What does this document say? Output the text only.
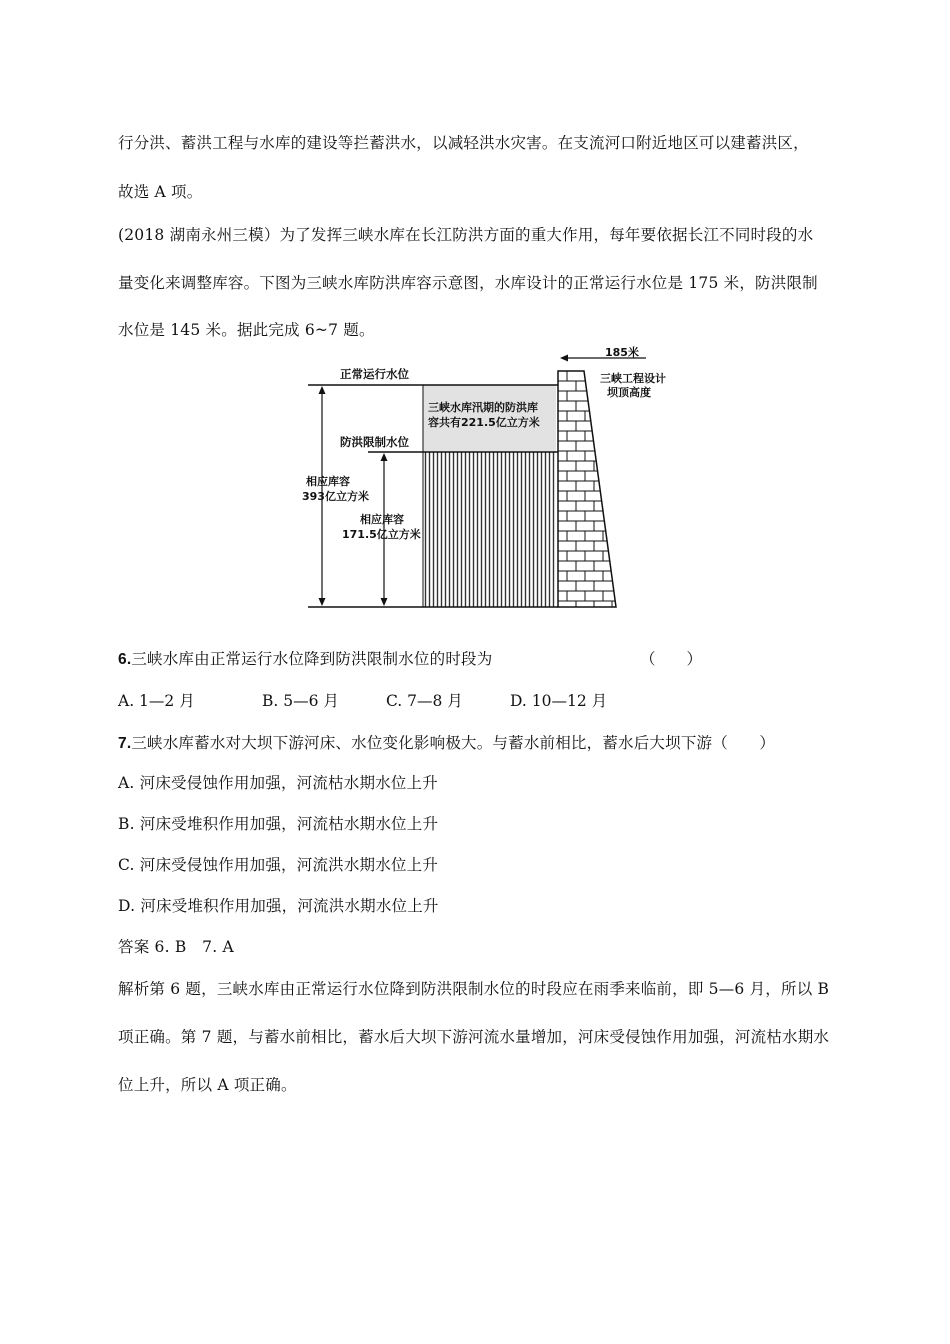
行分洪、蓄洪工程与水库的建设等拦蓄洪水，以减轻洪水灾害。在支流河口附近地区可以建蓄洪区，
故选 A 项。
(2018 湖南永州三模）为了发挥三峡水库在长江防洪方面的重大作用，每年要依据长江不同时段的水
量变化来调整库容。下图为三峡水库防洪库容示意图，水库设计的正常运行水位是 175 米，防洪限制
水位是 145 米。据此完成 6~7 题。
185米
三峡工程设计
坝顶高度
正常运行水位
防洪限制水位
三峡水库汛期的防洪库
容共有221.5亿立方米
相应库容
393亿立方米
相应库容
171.5亿立方米
6.三峡水库由正常运行水位降到防洪限制水位的时段为	（　　）
A. 1—2 月	B. 5—6 月	C. 7—8 月	D. 10—12 月
7.三峡水库蓄水对大坝下游河床、水位变化影响极大。与蓄水前相比，蓄水后大坝下游（　　）
A. 河床受侵蚀作用加强，河流枯水期水位上升
B. 河床受堆积作用加强，河流枯水期水位上升
C. 河床受侵蚀作用加强，河流洪水期水位上升
D. 河床受堆积作用加强，河流洪水期水位上升
答案 6. B　7. A
解析第 6 题，三峡水库由正常运行水位降到防洪限制水位的时段应在雨季来临前，即 5—6 月，所以 B
项正确。第 7 题，与蓄水前相比，蓄水后大坝下游河流水量增加，河床受侵蚀作用加强，河流枯水期水
位上升，所以 A 项正确。
